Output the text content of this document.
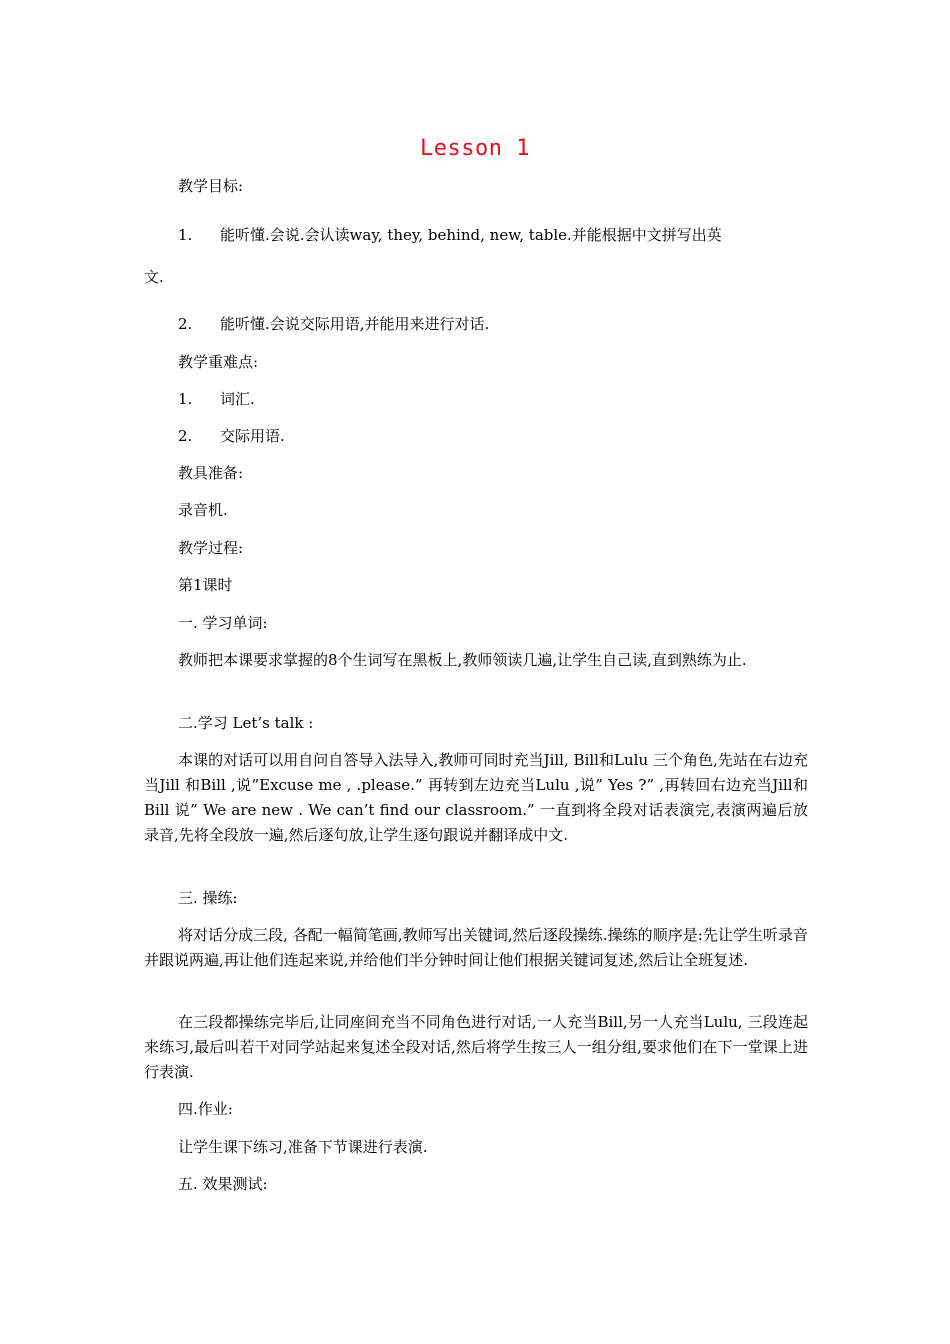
Lesson 1

教学目标:

1. 能听懂.会说.会认读way, they, behind, new, table.并能根据中文拼写出英

文.

2. 能听懂.会说交际用语,并能用来进行对话.

教学重难点:

1. 词汇.

2. 交际用语.

教具准备:

录音机.

教学过程:

第1课时

一. 学习单词:

教师把本课要求掌握的8个生词写在黑板上,教师领读几遍,让学生自己读,直到熟练为止.

二.学习 Let’s talk :

本课的对话可以用自问自答导入法导入,教师可同时充当Jill, Bill和Lulu 三个角色,先站在右边充当Jill 和Bill ,说”Excuse me , .please.” 再转到左边充当Lulu ,说” Yes ?” ,再转回右边充当Jill和Bill 说” We are new . We can’t find our classroom.” 一直到将全段对话表演完,表演两遍后放录音,先将全段放一遍,然后逐句放,让学生逐句跟说并翻译成中文.

三. 操练:

将对话分成三段, 各配一幅简笔画,教师写出关键词,然后逐段操练.操练的顺序是:先让学生听录音并跟说两遍,再让他们连起来说,并给他们半分钟时间让他们根据关键词复述,然后让全班复述.

在三段都操练完毕后,让同座间充当不同角色进行对话,一人充当Bill,另一人充当Lulu, 三段连起来练习,最后叫若干对同学站起来复述全段对话,然后将学生按三人一组分组,要求他们在下一堂课上进行表演.

四.作业:

让学生课下练习,准备下节课进行表演.

五. 效果测试:
